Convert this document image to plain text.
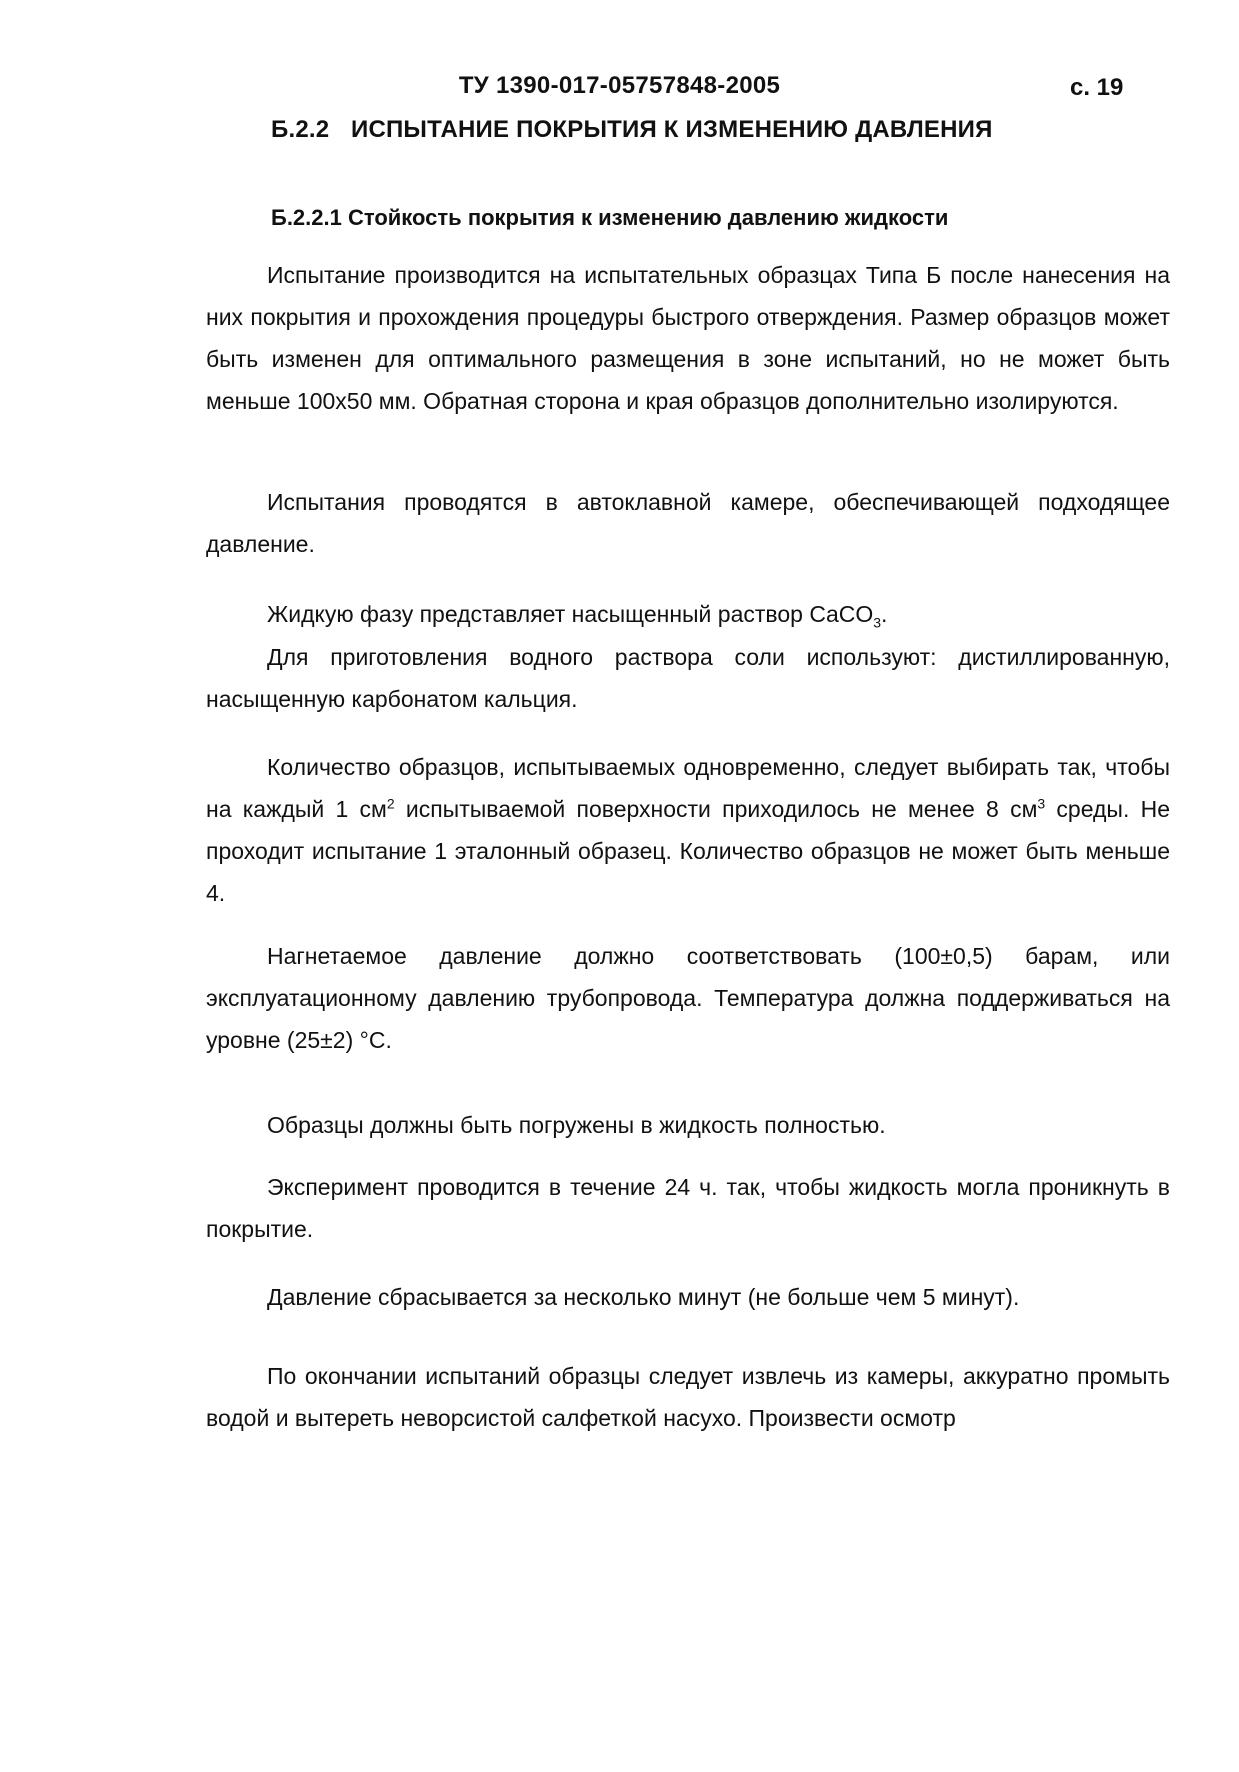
ТУ 1390-017-05757848-2005	с. 19
Б.2.2 ИСПЫТАНИЕ ПОКРЫТИЯ К ИЗМЕНЕНИЮ ДАВЛЕНИЯ
Б.2.2.1 Стойкость покрытия к изменению давлению жидкости

Испытание производится на испытательных образцах Типа Б после нанесения на них покрытия и прохождения процедуры быстрого отверждения. Размер образцов может быть изменен для оптимального размещения в зоне испытаний, но не может быть меньше 100х50 мм. Обратная сторона и края образцов дополнительно изолируются.

Испытания проводятся в автоклавной камере, обеспечивающей подходящее давление.

Жидкую фазу представляет насыщенный раствор CaCO$_3$.

Для приготовления водного раствора соли используют: дистиллированную, насыщенную карбонатом кальция.

Количество образцов, испытываемых одновременно, следует выбирать так, чтобы на каждый 1 $см^2$ испытываемой поверхности приходилось не менее 8 $см^3$ среды. Не проходит испытание 1 эталонный образец. Количество образцов не может быть меньше 4.

Нагнетаемое давление должно соответствовать (100±0,5) барам, или эксплуатационному давлению трубопровода. Температура должна поддерживаться на уровне (25±2) °С.

Образцы должны быть погружены в жидкость полностью.

Эксперимент проводится в течение 24 ч. так, чтобы жидкость могла проникнуть в покрытие.

Давление сбрасывается за несколько минут (не больше чем 5 минут).

По окончании испытаний образцы следует извлечь из камеры, аккуратно промыть водой и вытереть неворсистой салфеткой насухо. Произвести осмотр
